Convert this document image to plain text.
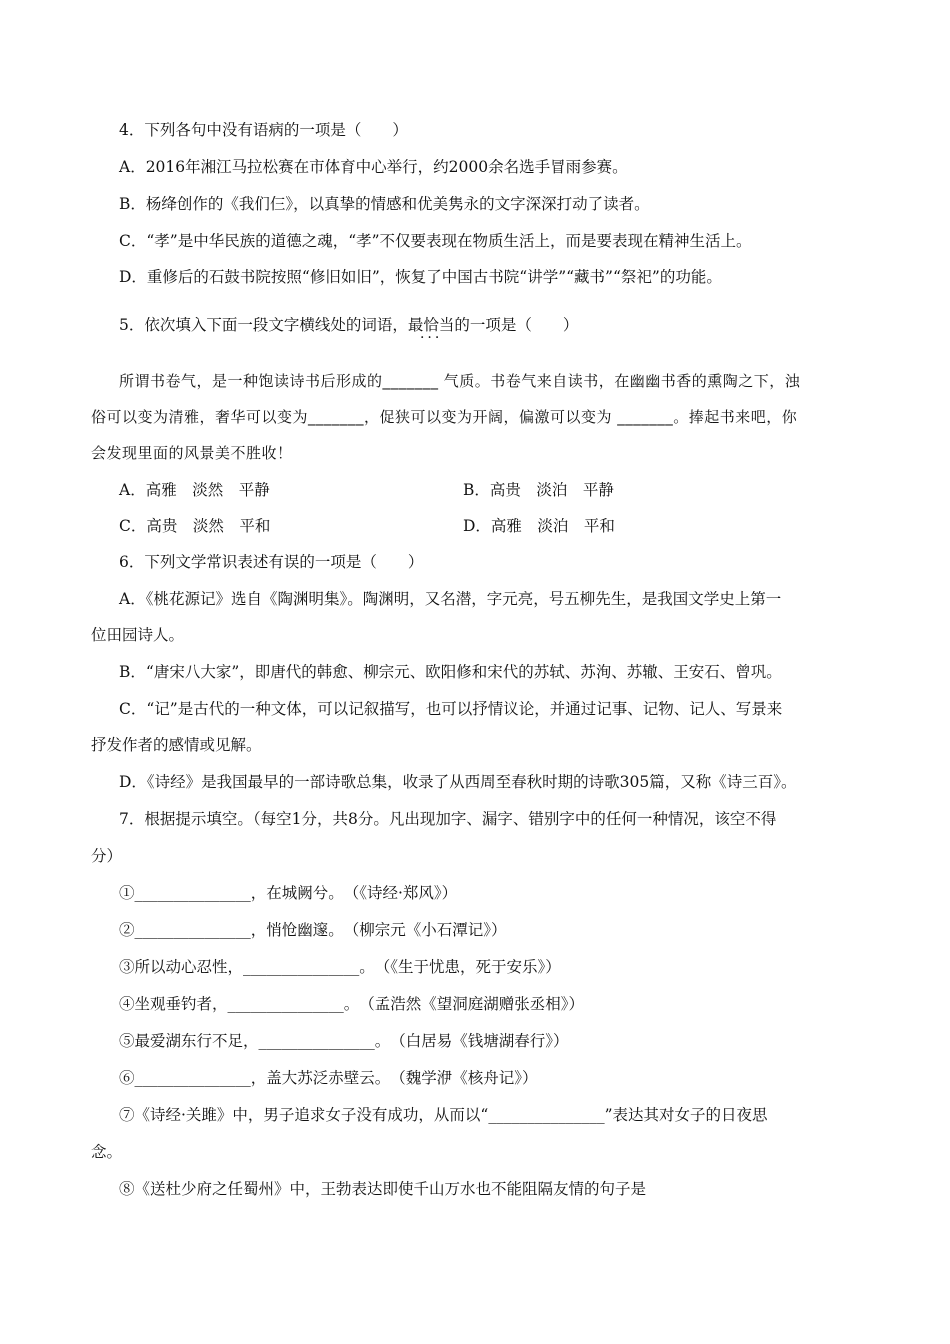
4．下列各句中没有语病的一项是（　　）
A．2016年湘江马拉松赛在市体育中心举行，约2000余名选手冒雨参赛。
B．杨绛创作的《我们仨》，以真挚的情感和优美隽永的文字深深打动了读者。
C．“孝”是中华民族的道德之魂，“孝”不仅要表现在物质生活上，而是要表现在精神生活上。
D．重修后的石鼓书院按照“修旧如旧”，恢复了中国古书院“讲学”“藏书”“祭祀”的功能。
5．依次填入下面一段文字横线处的词语，最恰当 ···的一项是（　　）
所谓书卷气，是一种饱读诗书后形成的_______ 气质。书卷气来自读书，在幽幽书香的熏陶之下，浊
俗可以变为清雅，奢华可以变为_______，促狭可以变为开阔，偏激可以变为 _______。捧起书来吧，你
会发现里面的风景美不胜收！
A．高雅　淡然　平静	B．高贵　淡泊　平静
C．高贵　淡然　平和	D．高雅　淡泊　平和
6．下列文学常识表述有误的一项是（　　）
A．《桃花源记》选自《陶渊明集》。陶渊明，又名潜，字元亮，号五柳先生，是我国文学史上第一
位田园诗人。
B．“唐宋八大家”，即唐代的韩愈、柳宗元、欧阳修和宋代的苏轼、苏洵、苏辙、王安石、曾巩。
C．“记”是古代的一种文体，可以记叙描写，也可以抒情议论，并通过记事、记物、记人、写景来
抒发作者的感情或见解。
D．《诗经》是我国最早的一部诗歌总集，收录了从西周至春秋时期的诗歌305篇，又称《诗三百》。
7．根据提示填空。（每空1分，共8分。凡出现加字、漏字、错别字中的任何一种情况，该空不得
分）
①_______________，在城阙兮。　（《诗经·郑风》）
②_______________，悄怆幽邃。　（柳宗元《小石潭记》）
③所以动心忍性，_______________。　（《生于忧患，死于安乐》）
④坐观垂钓者，_______________。　（孟浩然《望洞庭湖赠张丞相》）
⑤最爱湖东行不足，_______________。　（白居易《钱塘湖春行》）
⑥_______________，盖大苏泛赤壁云。　（魏学洢《核舟记》）
⑦《诗经·关雎》中，男子追求女子没有成功，从而以“_______________”表达其对女子的日夜思
念。
⑧《送杜少府之任蜀州》中，王勃表达即使千山万水也不能阻隔友情的句子是
